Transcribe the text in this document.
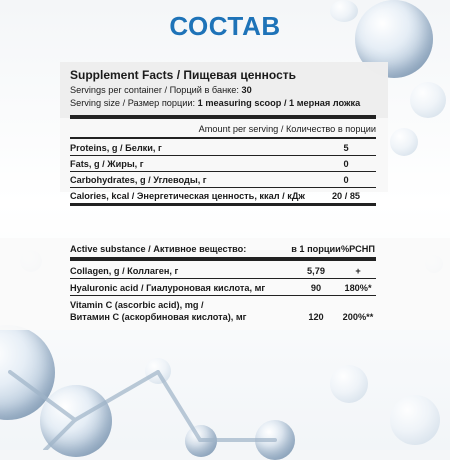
СОСТАВ
Supplement Facts / Пищевая ценность
Servings per container / Порций в банке: 30
Serving size / Размер порции: 1 measuring scoop / 1 мерная ложка
Amount per serving / Количество в порции
Proteins, g / Белки, г	5
Fats, g / Жиры, г	0
Carbohydrates, g / Углеводы, г	0
Calories, kcal / Энергетическая ценность, ккал / кДж	20 / 85
Active substance / Активное вещество:	в 1 порции %РСНП
Collagen, g / Коллаген, г	5,79	+
Hyaluronic acid / Гиалуроновая кислота, мг	90	180%*
Vitamin C (ascorbic acid), mg /
Витамин С (аскорбиновая кислота), мг	120	200%**
